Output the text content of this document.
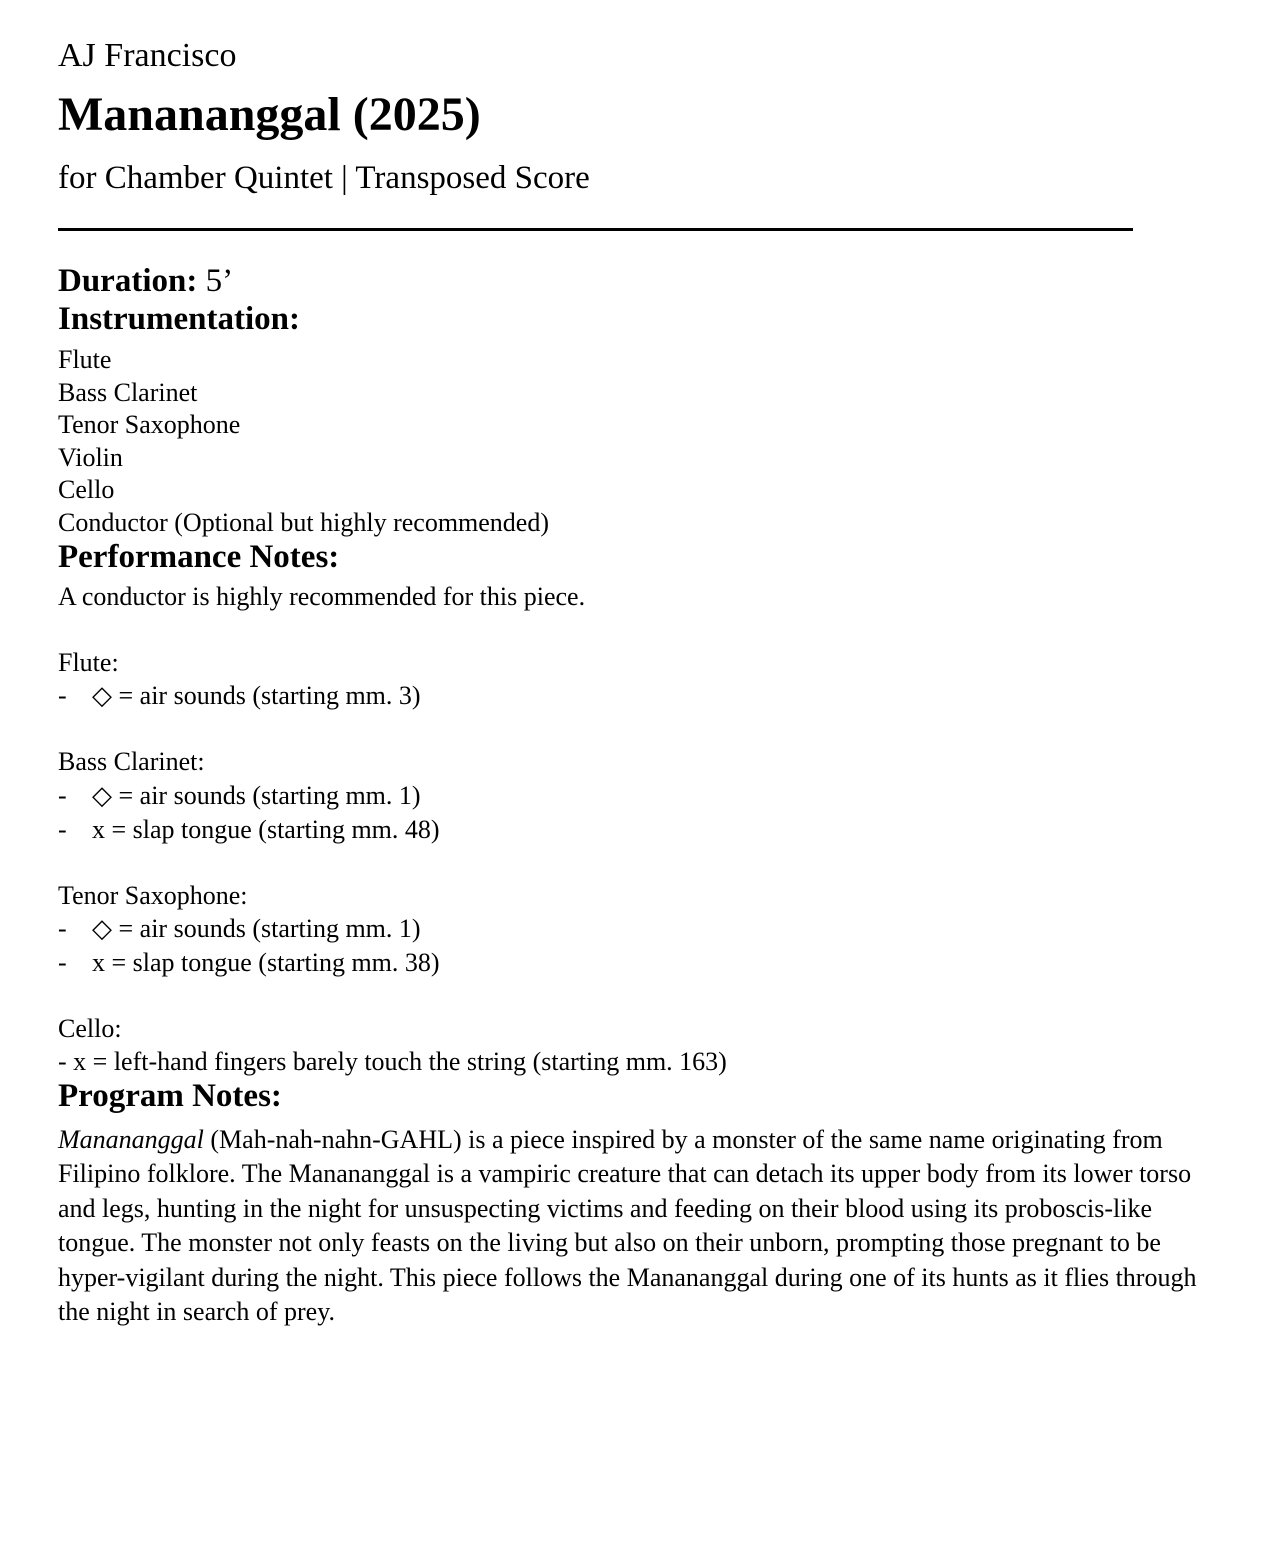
AJ Francisco
Manananggal (2025)
for Chamber Quintet | Transposed Score
Duration: 5’
Instrumentation:
Flute
Bass Clarinet
Tenor Saxophone
Violin
Cello
Conductor (Optional but highly recommended)
Performance Notes:
A conductor is highly recommended for this piece.
Flute:
- ◇ = air sounds (starting mm. 3)
Bass Clarinet:
- ◇ = air sounds (starting mm. 1)
- x = slap tongue (starting mm. 48)
Tenor Saxophone:
- ◇ = air sounds (starting mm. 1)
- x = slap tongue (starting mm. 38)
Cello:
- x = left-hand fingers barely touch the string (starting mm. 163)
Program Notes:

Manananggal (Mah-nah-nahn-GAHL) is a piece inspired by a monster of the same name originating from Filipino folklore. The Manananggal is a vampiric creature that can detach its upper body from its lower torso and legs, hunting in the night for unsuspecting victims and feeding on their blood using its proboscis-like tongue. The monster not only feasts on the living but also on their unborn, prompting those pregnant to be hyper-vigilant during the night. This piece follows the Manananggal during one of its hunts as it flies through the night in search of prey.
